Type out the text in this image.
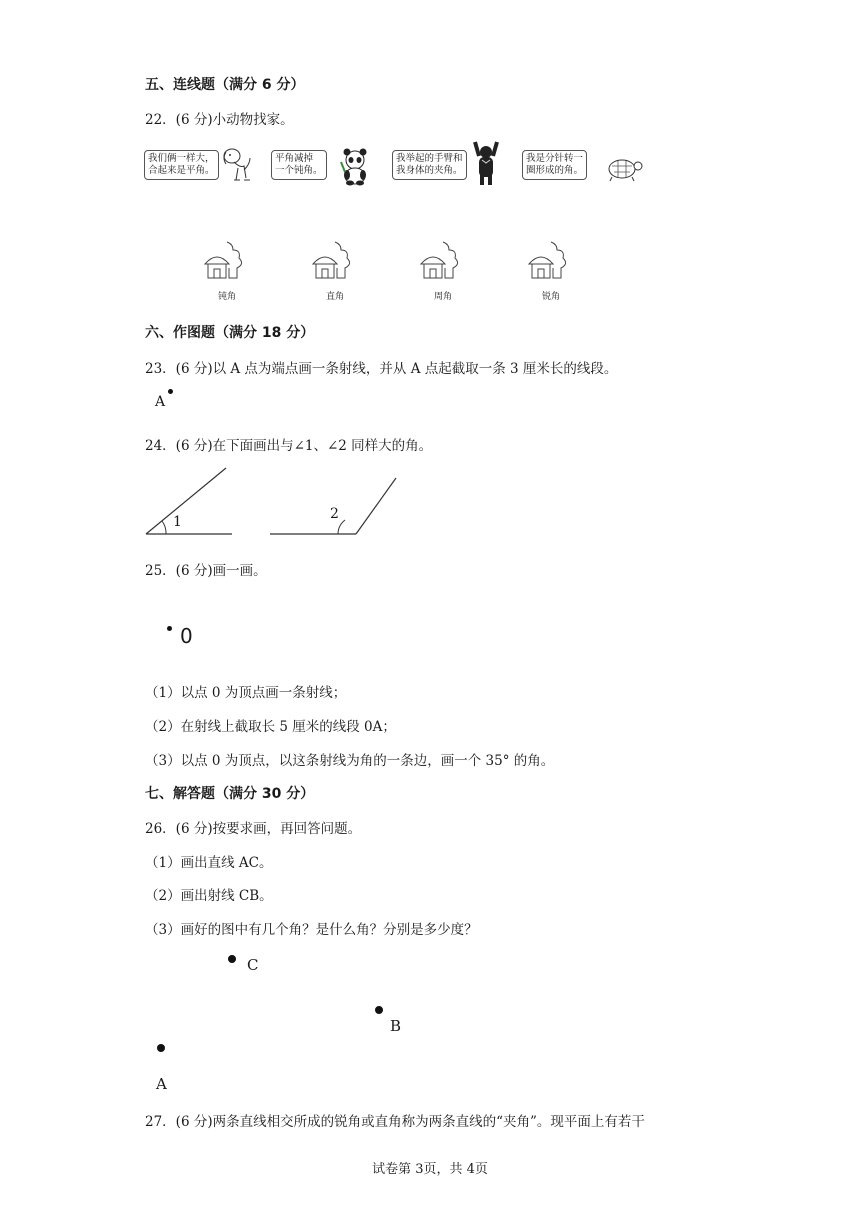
五、连线题（满分 6 分）
22．(6 分)小动物找家。
我们俩一样大，
合起来是平角。
平角减掉
一个钝角。
我举起的手臂和
我身体的夹角。
我是分针转一
圈形成的角。
钝角	直角	周角	锐角
六、作图题（满分 18 分）
23．(6 分)以 A 点为端点画一条射线，并从 A 点起截取一条 3 厘米长的线段。
A
24．(6 分)在下面画出与∠1、∠2 同样大的角。
1	2
25．(6 分)画一画。
0
（1）以点 0 为顶点画一条射线；
（2）在射线上截取长 5 厘米的线段 0A；
（3）以点 0 为顶点，以这条射线为角的一条边，画一个 35° 的角。
七、解答题（满分 30 分）
26．(6 分)按要求画，再回答问题。
（1）画出直线 AC。
（2）画出射线 CB。
（3）画好的图中有几个角？是什么角？分别是多少度？
C
B
A
27．(6 分)两条直线相交所成的锐角或直角称为两条直线的“夹角”。现平面上有若干
试卷第 3页，共 4页
